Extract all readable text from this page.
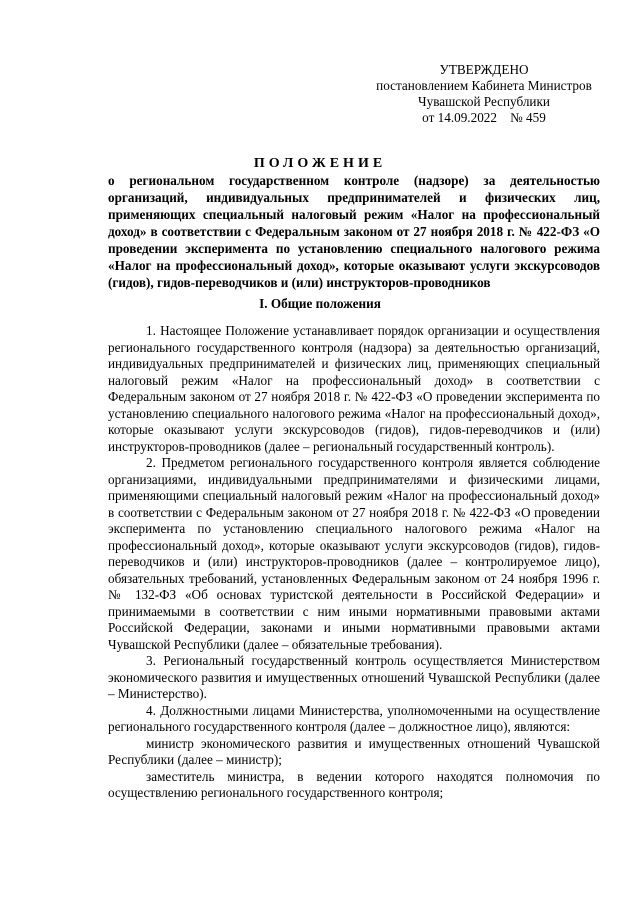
УТВЕРЖДЕНО
постановлением Кабинета Министров
Чувашской Республики
от 14.09.2022    № 459
ПОЛОЖЕНИЕ
о региональном государственном контроле (надзоре) за деятельностью организаций, индивидуальных предпринимателей и физических лиц, применяющих специальный налоговый режим «Налог на профессиональный доход» в соответствии с Федеральным законом от 27 ноября 2018 г. № 422-ФЗ «О проведении эксперимента по установлению специального налогового режима «Налог на профессиональный доход», которые оказывают услуги экскурсоводов (гидов), гидов-переводчиков и (или) инструкторов-проводников
I. Общие положения

1. Настоящее Положение устанавливает порядок организации и осуществления регионального государственного контроля (надзора) за деятельностью организаций, индивидуальных предпринимателей и физических лиц, применяющих специальный налоговый режим «Налог на профессиональный доход» в соответствии с Федеральным законом от 27 ноября 2018 г. № 422-ФЗ «О проведении эксперимента по установлению специального налогового режима «Налог на профессиональный доход», которые оказывают услуги экскурсоводов (гидов), гидов-переводчиков и (или) инструкторов-проводников (далее – региональный государственный контроль).

2. Предметом регионального государственного контроля является соблюдение организациями, индивидуальными предпринимателями и физическими лицами, применяющими специальный налоговый режим «Налог на профессиональный доход» в соответствии с Федеральным законом от 27 ноября 2018 г. № 422-ФЗ «О проведении эксперимента по установлению специального налогового режима «Налог на профессиональный доход», которые оказывают услуги экскурсоводов (гидов), гидов-переводчиков и (или) инструкторов-проводников (далее – контролируемое лицо), обязательных требований, установленных Федеральным законом от 24 ноября 1996 г. № 132-ФЗ «Об основах туристской деятельности в Российской Федерации» и принимаемыми в соответствии с ним иными нормативными правовыми актами Российской Федерации, законами и иными нормативными правовыми актами Чувашской Республики (далее – обязательные требования).

3. Региональный государственный контроль осуществляется Министерством экономического развития и имущественных отношений Чувашской Республики (далее – Министерство).

4. Должностными лицами Министерства, уполномоченными на осуществление регионального государственного контроля (далее – должностное лицо), являются:

министр экономического развития и имущественных отношений Чувашской Республики (далее – министр);

заместитель министра, в ведении которого находятся полномочия по осуществлению регионального государственного контроля;
